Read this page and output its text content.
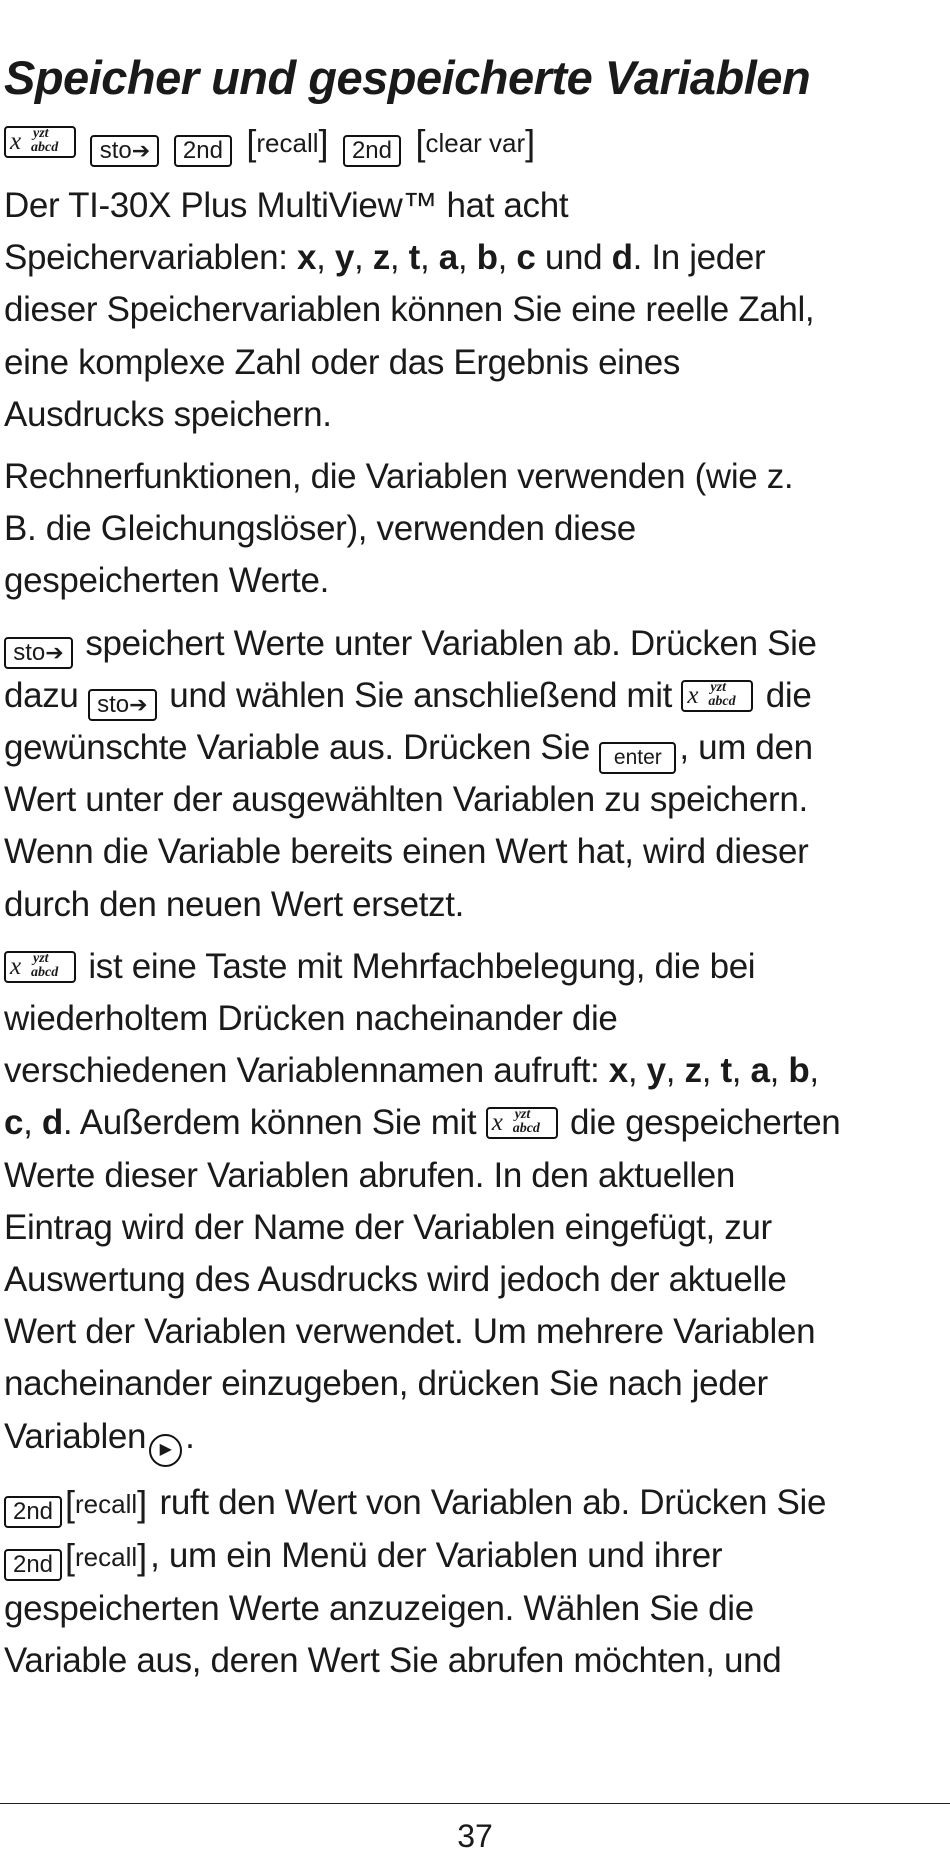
Speicher und gespeicherte Variablen
x yzt
abcd sto➔ 2nd [recall] 2nd [clear var]

Der TI-30X Plus MultiView™ hat acht
Speichervariablen: x, y, z, t, a, b, c und d. In jeder
dieser Speichervariablen können Sie eine reelle Zahl,
eine komplexe Zahl oder das Ergebnis eines
Ausdrucks speichern.

Rechnerfunktionen, die Variablen verwenden (wie z.
B. die Gleichungslöser), verwenden diese
gespeicherten Werte.

sto➔ speichert Werte unter Variablen ab. Drücken Sie
dazu sto➔ und wählen Sie anschließend mit x yzt
abcd die
gewünschte Variable aus. Drücken Sie enter , um den
Wert unter der ausgewählten Variablen zu speichern.
Wenn die Variable bereits einen Wert hat, wird dieser
durch den neuen Wert ersetzt.

x yzt
abcd ist eine Taste mit Mehrfachbelegung, die bei
wiederholtem Drücken nacheinander die
verschiedenen Variablennamen aufruft: x, y, z, t, a, b,
c, d. Außerdem können Sie mit x yzt
abcd die gespeicherten
Werte dieser Variablen abrufen. In den aktuellen
Eintrag wird der Name der Variablen eingefügt, zur
Auswertung des Ausdrucks wird jedoch der aktuelle
Wert der Variablen verwendet. Um mehrere Variablen
nacheinander einzugeben, drücken Sie nach jeder
Variablen ▶ .

2nd [recall] ruft den Wert von Variablen ab. Drücken Sie
2nd [recall], um ein Menü der Variablen und ihrer
gespeicherten Werte anzuzeigen. Wählen Sie die
Variable aus, deren Wert Sie abrufen möchten, und

37
